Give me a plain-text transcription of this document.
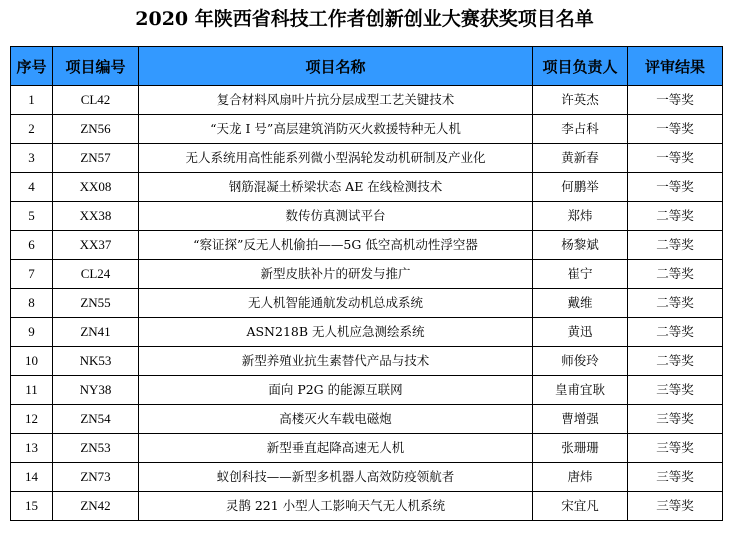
2020 年陕西省科技工作者创新创业大赛获奖项目名单
序号	项目编号	项目名称	项目负责人	评审结果
1	CL42	复合材料风扇叶片抗分层成型工艺关键技术	许英杰	一等奖
2	ZN56	“天龙 I 号”高层建筑消防灭火救援特种无人机	李占科	一等奖
3	ZN57	无人系统用高性能系列微小型涡轮发动机研制及产业化	黄新春	一等奖
4	XX08	钢筋混凝土桥梁状态 AE 在线检测技术	何鹏举	一等奖
5	XX38	数传仿真测试平台	郑炜	二等奖
6	XX37	“察证探”反无人机偷拍——5G 低空高机动性浮空器	杨黎斌	二等奖
7	CL24	新型皮肤补片的研发与推广	崔宁	二等奖
8	ZN55	无人机智能通航发动机总成系统	戴维	二等奖
9	ZN41	ASN218B 无人机应急测绘系统	黄迅	二等奖
10	NK53	新型养殖业抗生素替代产品与技术	师俊玲	二等奖
11	NY38	面向 P2G 的能源互联网	皇甫宜耿	三等奖
12	ZN54	高楼灭火车载电磁炮	曹增强	三等奖
13	ZN53	新型垂直起降高速无人机	张珊珊	三等奖
14	ZN73	蚁创科技——新型多机器人高效防疫领航者	唐炜	三等奖
15	ZN42	灵鹊 221 小型人工影响天气无人机系统	宋宜凡	三等奖
